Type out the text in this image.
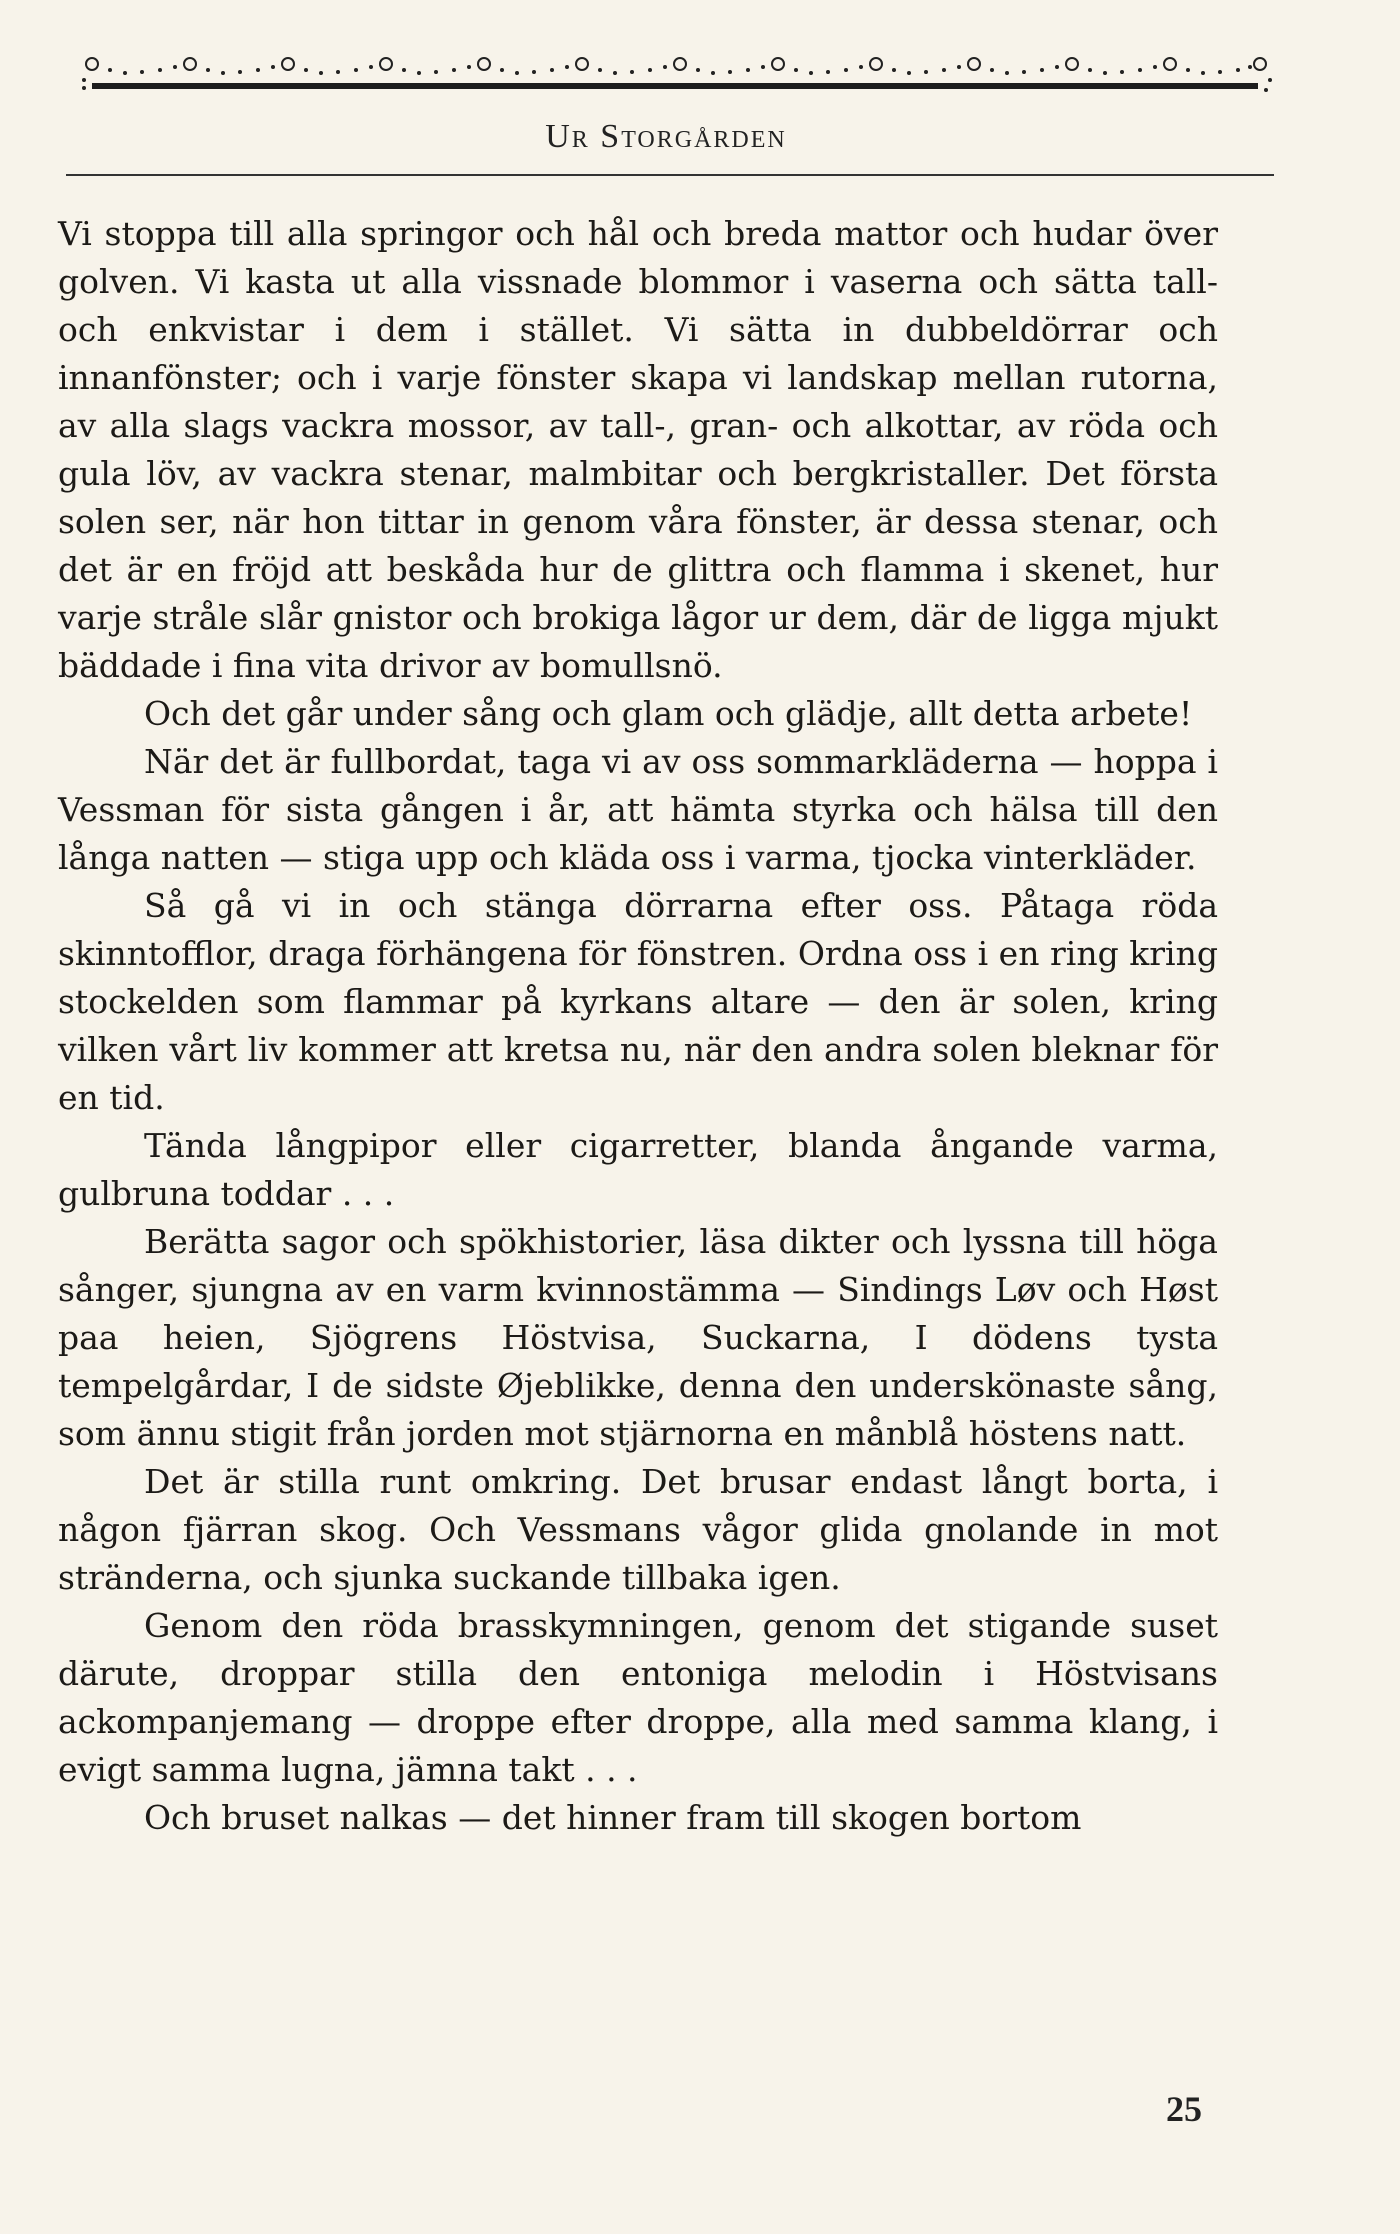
Ur Storgården

Vi stoppa till alla springor och hål och breda mattor och hudar över golven. Vi kasta ut alla vissnade blommor i vaserna och sätta tall- och enkvistar i dem i stället. Vi sätta in dubbeldörrar och innanfönster; och i varje fönster skapa vi landskap mellan rutorna, av alla slags vackra mossor, av tall-, gran- och alkottar, av röda och gula löv, av vackra stenar, malmbitar och bergkristaller. Det första solen ser, när hon tittar in genom våra fönster, är dessa stenar, och det är en fröjd att beskåda hur de glittra och flamma i skenet, hur varje stråle slår gnistor och brokiga lågor ur dem, där de ligga mjukt bäddade i fina vita drivor av bomullsnö.

Och det går under sång och glam och glädje, allt detta arbete!

När det är fullbordat, taga vi av oss sommarkläderna — hoppa i Vessman för sista gången i år, att hämta styrka och hälsa till den långa natten — stiga upp och kläda oss i varma, tjocka vinterkläder.

Så gå vi in och stänga dörrarna efter oss. Påtaga röda skinntofflor, draga förhängena för fönstren. Ordna oss i en ring kring stockelden som flammar på kyrkans altare — den är solen, kring vilken vårt liv kommer att kretsa nu, när den andra solen bleknar för en tid.

Tända långpipor eller cigarretter, blanda ångande varma, gulbruna toddar . . .

Berätta sagor och spökhistorier, läsa dikter och lyssna till höga sånger, sjungna av en varm kvinnostämma — Sindings Løv och Høst paa heien, Sjögrens Höstvisa, Suckarna, I dödens tysta tempelgårdar, I de sidste Øjeblikke, denna den underskönaste sång, som ännu stigit från jorden mot stjärnorna en månblå höstens natt.

Det är stilla runt omkring. Det brusar endast långt borta, i någon fjärran skog. Och Vessmans vågor glida gnolande in mot stränderna, och sjunka suckande tillbaka igen.

Genom den röda brasskymningen, genom det stigande suset därute, droppar stilla den entoniga melodin i Höstvisans ackompanjemang — droppe efter droppe, alla med samma klang, i evigt samma lugna, jämna takt . . .

Och bruset nalkas — det hinner fram till skogen bortom

25
